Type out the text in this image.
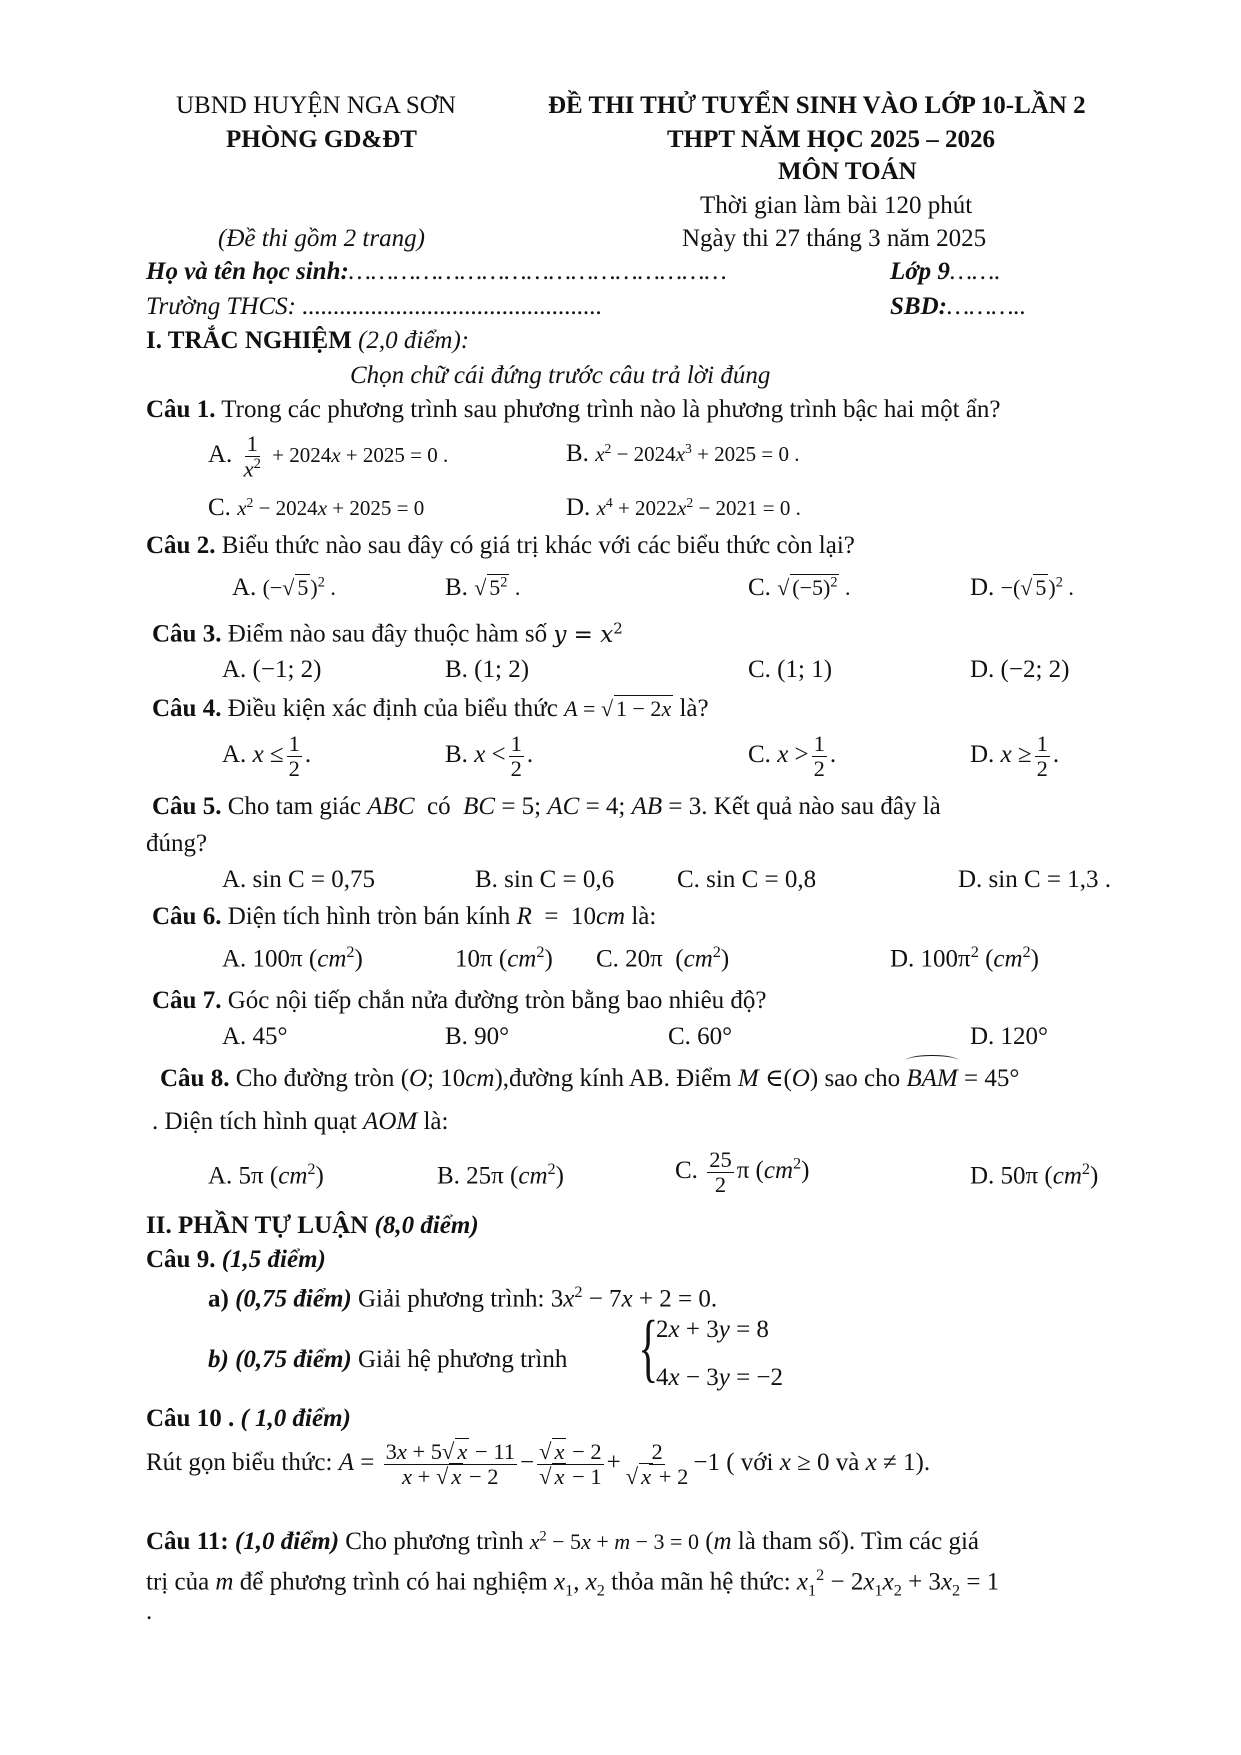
UBND HUYỆN NGA SƠN
PHÒNG GD&ĐT
ĐỀ THI THỬ TUYỂN SINH VÀO LỚP 10-LẦN 2
THPT NĂM HỌC 2025 – 2026
MÔN TOÁN
Thời gian làm bài 120 phút
(Đề thi gồm 2 trang)	Ngày thi 27 tháng 3 năm 2025
Họ và tên học sinh:……………………………………………	Lớp 9…….
Trường THCS: ................................................	SBD:………..
I. TRẮC NGHIỆM (2,0 điểm):
Chọn chữ cái đứng trước câu trả lời đúng
Câu 1. Trong các phương trình sau phương trình nào là phương trình bậc hai một ẩn?
A. $\frac{1}{x^2} + 2024x + 2025 = 0$ .	B. $x^2 - 2024x^3 + 2025 = 0$ .
C. $x^2 - 2024x + 2025 = 0$	D. $x^4 + 2022x^2 - 2021 = 0$ .
Câu 2. Biểu thức nào sau đây có giá trị khác với các biểu thức còn lại?
A. (−√ 5)$^2$ .	B. √ $5^2$ .	C. √ $(-5)^2$ .	D. −(√ 5)$^2$ .
Câu 3. Điểm nào sau đây thuộc hàm số $y = x^2$
A. (−1; 2)	B. (1; 2)	C. (1; 1)	D. (−2; 2)
Câu 4. Điều kiện xác định của biểu thức A = √ 1 − 2x là?
A. $x \le \frac{1}{2}$ .	B. $x < \frac{1}{2}$ .	C. $x > \frac{1}{2}$ .	D. $x \ge \frac{1}{2}$ .
Câu 5. Cho tam giác ABC  có  BC = 5; AC = 4; AB = 3. Kết quả nào sau đây là
đúng?
A. sin C = 0,75	B. sin C = 0,6	C. sin C = 0,8	D. sin C = 1,3 .
Câu 6. Diện tích hình tròn bán kính R  =  10cm là:
A. 100π $(cm^2)$	10π $(cm^2)$ C. 20π  $(cm^2)$	D. $100\pi^2$ $(cm^2)$
Câu 7. Góc nội tiếp chắn nửa đường tròn bằng bao nhiêu độ?
A. 45°	B. 90°	C. 60°	D. 120°
Câu 8. Cho đường tròn (O; 10cm),đường kính AB. Điểm M ∈(O) sao cho BAM = 45°
. Diện tích hình quạt AOM là:
A. 5π $(cm^2)$	B. 25π $(cm^2)$	C. $\frac{25}{2}$ π $(cm^2)$	D. 50π $(cm^2)$
II. PHẦN TỰ LUẬN (8,0 điểm)
Câu 9. (1,5 điểm)
a) (0,75 điểm) Giải phương trình: $3x^2 - 7x + 2 = 0$.
b) (0,75 điểm) Giải hệ phương trình {
2x + 3y = 8
4x − 3y = −2
Câu 10 . ( 1,0 điểm)
Rút gọn biểu thức: $A = \frac{3x + 5√ x - 11}{x + √ x - 2} - \frac{√ x - 2}{√ x - 1} + \frac{2}{√ x + 2} -1$ ( với x ≥ 0 và x ≠ 1).
Câu 11: (1,0 điểm) Cho phương trình $x^2 - 5x + m - 3 = 0$ (m là tham số). Tìm các giá
trị của m để phương trình có hai nghiệm $x_1$, $x_2$ thỏa mãn hệ thức: $x_1^2 - 2x_1x_2 + 3x_2 = 1$
.
